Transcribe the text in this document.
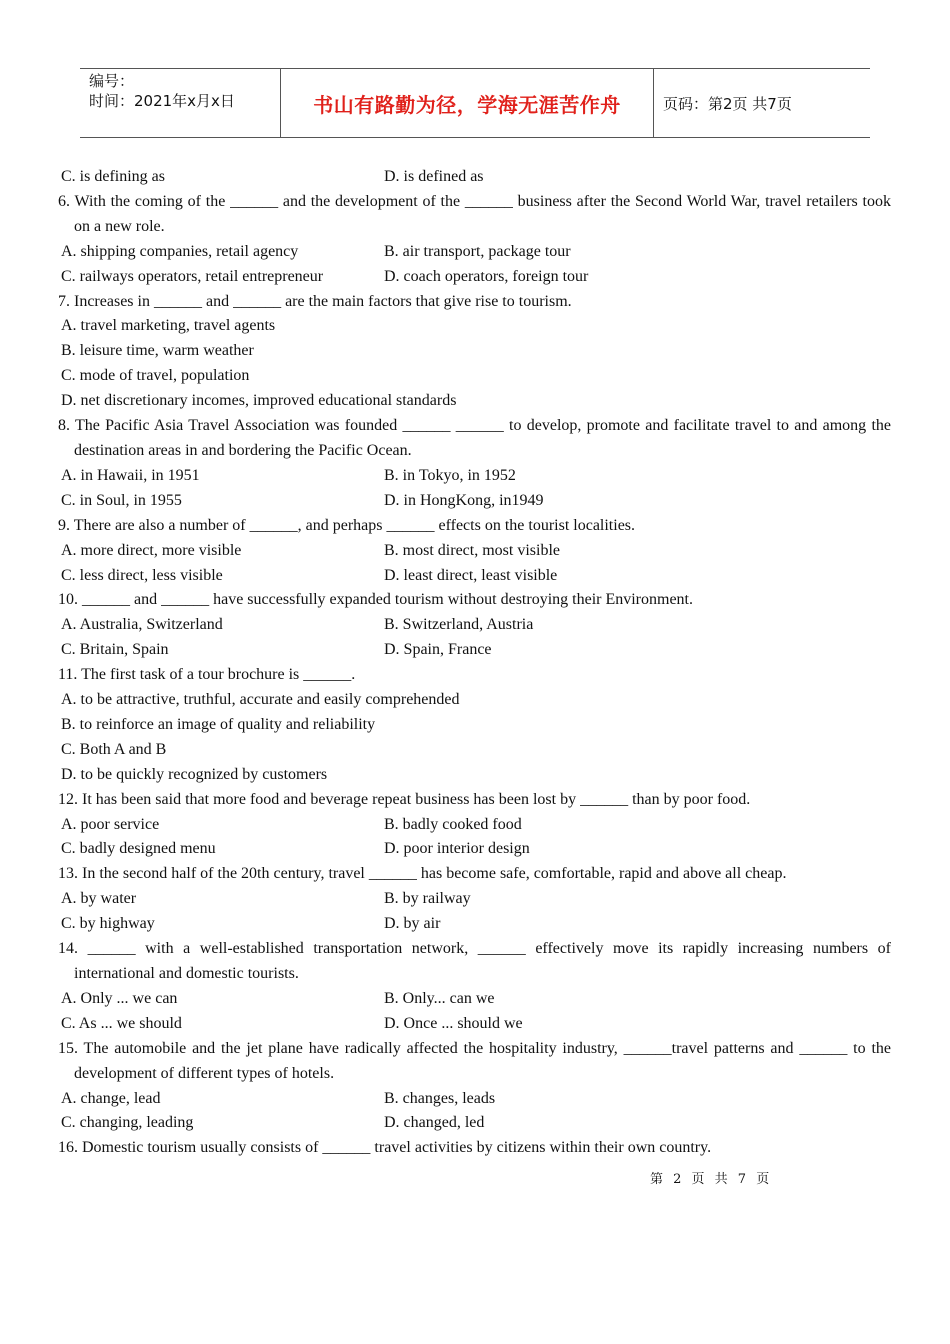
编号：
时间：2021年x月x日	书山有路勤为径，学海无涯苦作舟	页码：第2页 共7页
C. is defining as	D. is defined as

6. With the coming of the ______ and the development of the ______ business after the Second World War, travel retailers took on a new role.

A. shipping companies, retail agency	B. air transport, package tour
C. railways operators, retail entrepreneur	D. coach operators, foreign tour

7. Increases in ______ and ______ are the main factors that give rise to tourism.

A. travel marketing, travel agents

B. leisure time, warm weather

C. mode of travel, population

D. net discretionary incomes, improved educational standards

8. The Pacific Asia Travel Association was founded ______ ______ to develop, promote and facilitate travel to and among the destination areas in and bordering the Pacific Ocean.

A. in Hawaii, in 1951	B. in Tokyo, in 1952
C. in Soul, in 1955	D. in HongKong, in1949

9. There are also a number of ______, and perhaps ______ effects on the tourist localities.

A. more direct, more visible	B. most direct, most visible
C. less direct, less visible	D. least direct, least visible

10. ______ and ______ have successfully expanded tourism without destroying their Environment.

A. Australia, Switzerland	B. Switzerland, Austria
C. Britain, Spain	D. Spain, France

11. The first task of a tour brochure is ______.

A. to be attractive, truthful, accurate and easily comprehended

B. to reinforce an image of quality and reliability

C. Both A and B

D. to be quickly recognized by customers

12. It has been said that more food and beverage repeat business has been lost by ______ than by poor food.

A. poor service	B. badly cooked food
C. badly designed menu	D. poor interior design

13. In the second half of the 20th century, travel ______ has become safe, comfortable, rapid and above all cheap.

A. by water	B. by railway
C. by highway	D. by air

14. ______ with a well-established transportation network, ______ effectively move its rapidly increasing numbers of international and domestic tourists.

A. Only ... we can	B. Only... can we
C. As ... we should	D. Once ... should we

15. The automobile and the jet plane have radically affected the hospitality industry, ______travel patterns and ______ to the development of different types of hotels.

A. change, lead	B. changes, leads
C. changing, leading	D. changed, led

16. Domestic tourism usually consists of ______ travel activities by citizens within their own country.

第 2 页 共 7 页
